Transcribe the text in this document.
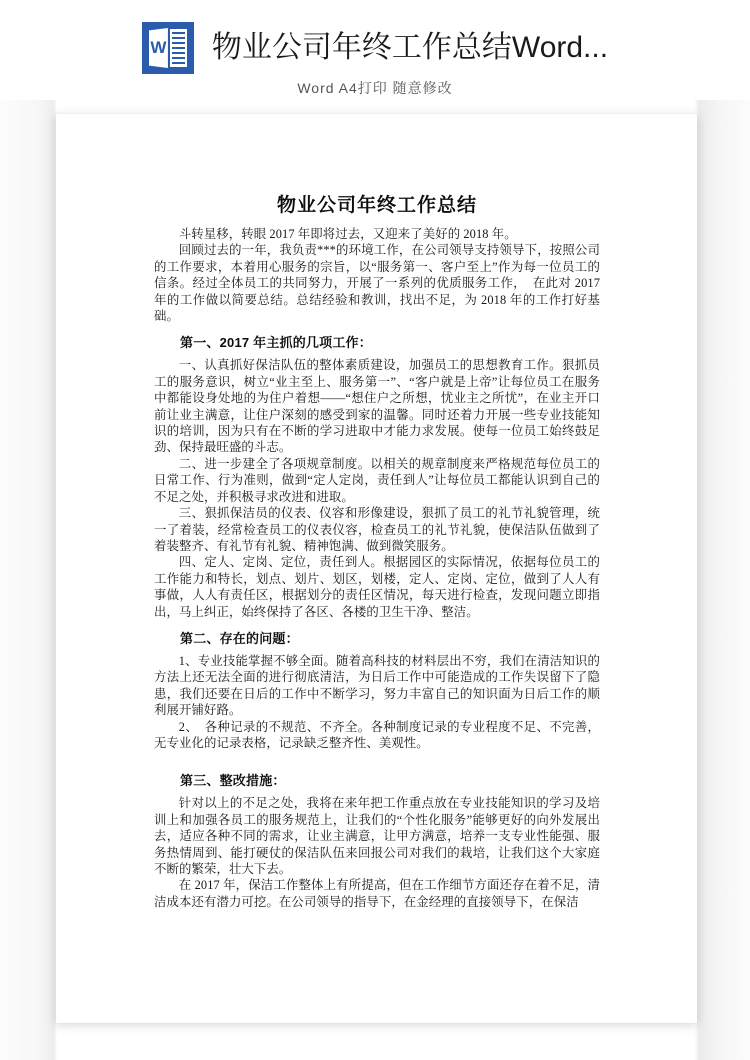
W 物业公司年终工作总结Word...
Word A4打印 随意修改
物业公司年终工作总结

斗转星移，转眼 2017 年即将过去，又迎来了美好的 2018 年。

回顾过去的一年，我负责***的环境工作，在公司领导支持领导下，按照公司的工作要求，本着用心服务的宗旨，以“服务第一、客户至上”作为每一位员工的信条。经过全体员工的共同努力，开展了一系列的优质服务工作，　在此对 2017 年的工作做以简要总结。总结经验和教训，找出不足，为 2018 年的工作打好基础。

第一、2017 年主抓的几项工作：

一、认真抓好保洁队伍的整体素质建设，加强员工的思想教育工作。狠抓员工的服务意识，树立“业主至上、服务第一”、“客户就是上帝”让每位员工在服务中都能设身处地的为住户着想——“想住户之所想，忧业主之所忧”，在业主开口前让业主满意，让住户深刻的感受到家的温馨。同时还着力开展一些专业技能知识的培训，因为只有在不断的学习进取中才能力求发展。使每一位员工始终鼓足劲、保持最旺盛的斗志。

二、进一步建全了各项规章制度。以相关的规章制度来严格规范每位员工的日常工作、行为准则，做到“定人定岗，责任到人”让每位员工都能认识到自己的不足之处，并积极寻求改进和进取。

三、狠抓保洁员的仪表、仪容和形像建设，狠抓了员工的礼节礼貌管理，统一了着装，经常检查员工的仪表仪容，检查员工的礼节礼貌，使保洁队伍做到了着装整齐、有礼节有礼貌、精神饱满、做到微笑服务。

四、定人、定岗、定位，责任到人。根据园区的实际情况，依据每位员工的工作能力和特长，划点、划片、划区，划楼，定人、定岗、定位，做到了人人有事做，人人有责任区，根据划分的责任区情况，每天进行检查，发现问题立即指出，马上纠正，始终保持了各区、各楼的卫生干净、整洁。

第二、存在的问题：

1、专业技能掌握不够全面。随着高科技的材料层出不穷，我们在清洁知识的方法上还无法全面的进行彻底清洁，为日后工作中可能造成的工作失误留下了隐患，我们还要在日后的工作中不断学习，努力丰富自己的知识面为日后工作的顺利展开铺好路。

2、　各种记录的不规范、不齐全。各种制度记录的专业程度不足、不完善，无专业化的记录表格，记录缺乏整齐性、美观性。

第三、整改措施：

针对以上的不足之处，我将在来年把工作重点放在专业技能知识的学习及培训上和加强各员工的服务规范上，让我们的“个性化服务”能够更好的向外发展出去，适应各种不同的需求，让业主满意，让甲方满意，培养一支专业性能强、服务热情周到、能打硬仗的保洁队伍来回报公司对我们的栽培，让我们这个大家庭不断的繁荣，壮大下去。

在 2017 年，保洁工作整体上有所提高，但在工作细节方面还存在着不足，清洁成本还有潜力可挖。在公司领导的指导下，在金经理的直接领导下，在保洁
